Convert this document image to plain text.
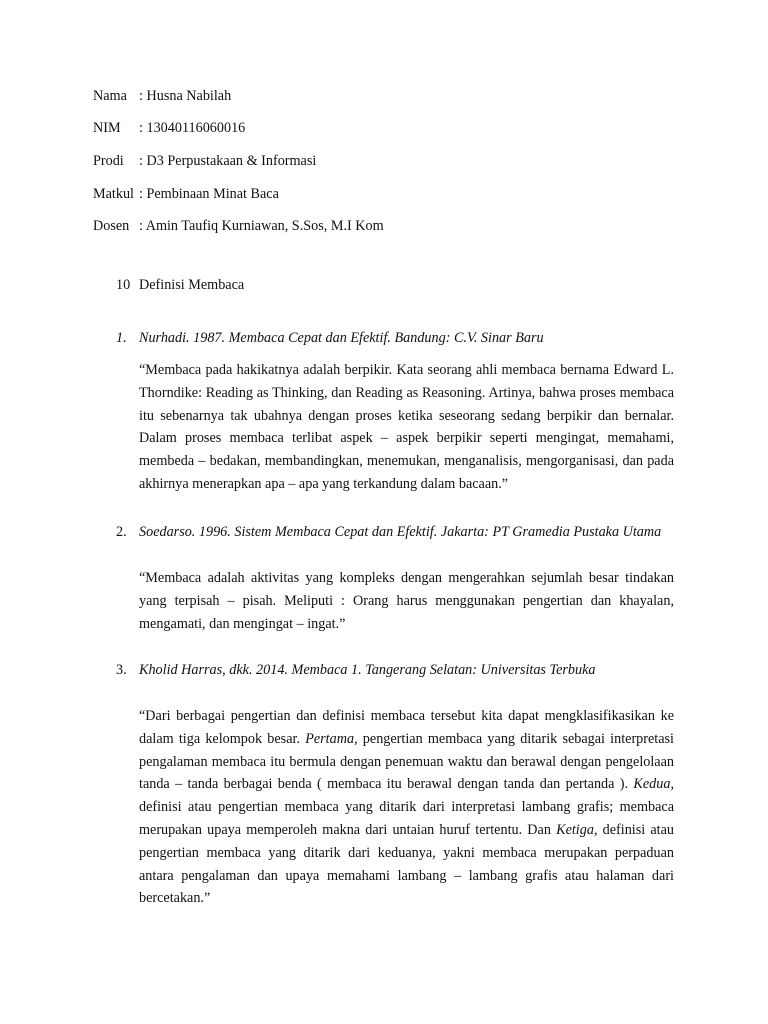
Nama : Husna Nabilah
NIM : 13040116060016
Prodi : D3 Perpustakaan & Informasi
Matkul : Pembinaan Minat Baca
Dosen : Amin Taufiq Kurniawan, S.Sos, M.I Kom
10 Definisi Membaca
1. Nurhadi. 1987. Membaca Cepat dan Efektif. Bandung: C.V. Sinar Baru
“Membaca pada hakikatnya adalah berpikir. Kata seorang ahli membaca bernama Edward L. Thorndike: Reading as Thinking, dan Reading as Reasoning. Artinya, bahwa proses membaca itu sebenarnya tak ubahnya dengan proses ketika seseorang sedang berpikir dan bernalar. Dalam proses membaca terlibat aspek – aspek berpikir seperti mengingat, memahami, membeda – bedakan, membandingkan, menemukan, menganalisis, mengorganisasi, dan pada akhirnya menerapkan apa – apa yang terkandung dalam bacaan.”
2. Soedarso. 1996. Sistem Membaca Cepat dan Efektif. Jakarta: PT Gramedia Pustaka Utama
“Membaca adalah aktivitas yang kompleks dengan mengerahkan sejumlah besar tindakan yang terpisah – pisah. Meliputi : Orang harus menggunakan pengertian dan khayalan, mengamati, dan mengingat – ingat.”
3. Kholid Harras, dkk. 2014. Membaca 1. Tangerang Selatan: Universitas Terbuka
“Dari berbagai pengertian dan definisi membaca tersebut kita dapat mengklasifikasikan ke dalam tiga kelompok besar. Pertama, pengertian membaca yang ditarik sebagai interpretasi pengalaman membaca itu bermula dengan penemuan waktu dan berawal dengan pengelolaan tanda – tanda berbagai benda ( membaca itu berawal dengan tanda dan pertanda ). Kedua, definisi atau pengertian membaca yang ditarik dari interpretasi lambang grafis; membaca merupakan upaya memperoleh makna dari untaian huruf tertentu. Dan Ketiga, definisi atau pengertian membaca yang ditarik dari keduanya, yakni membaca merupakan perpaduan antara pengalaman dan upaya memahami lambang – lambang grafis atau halaman dari bercetakan.”
